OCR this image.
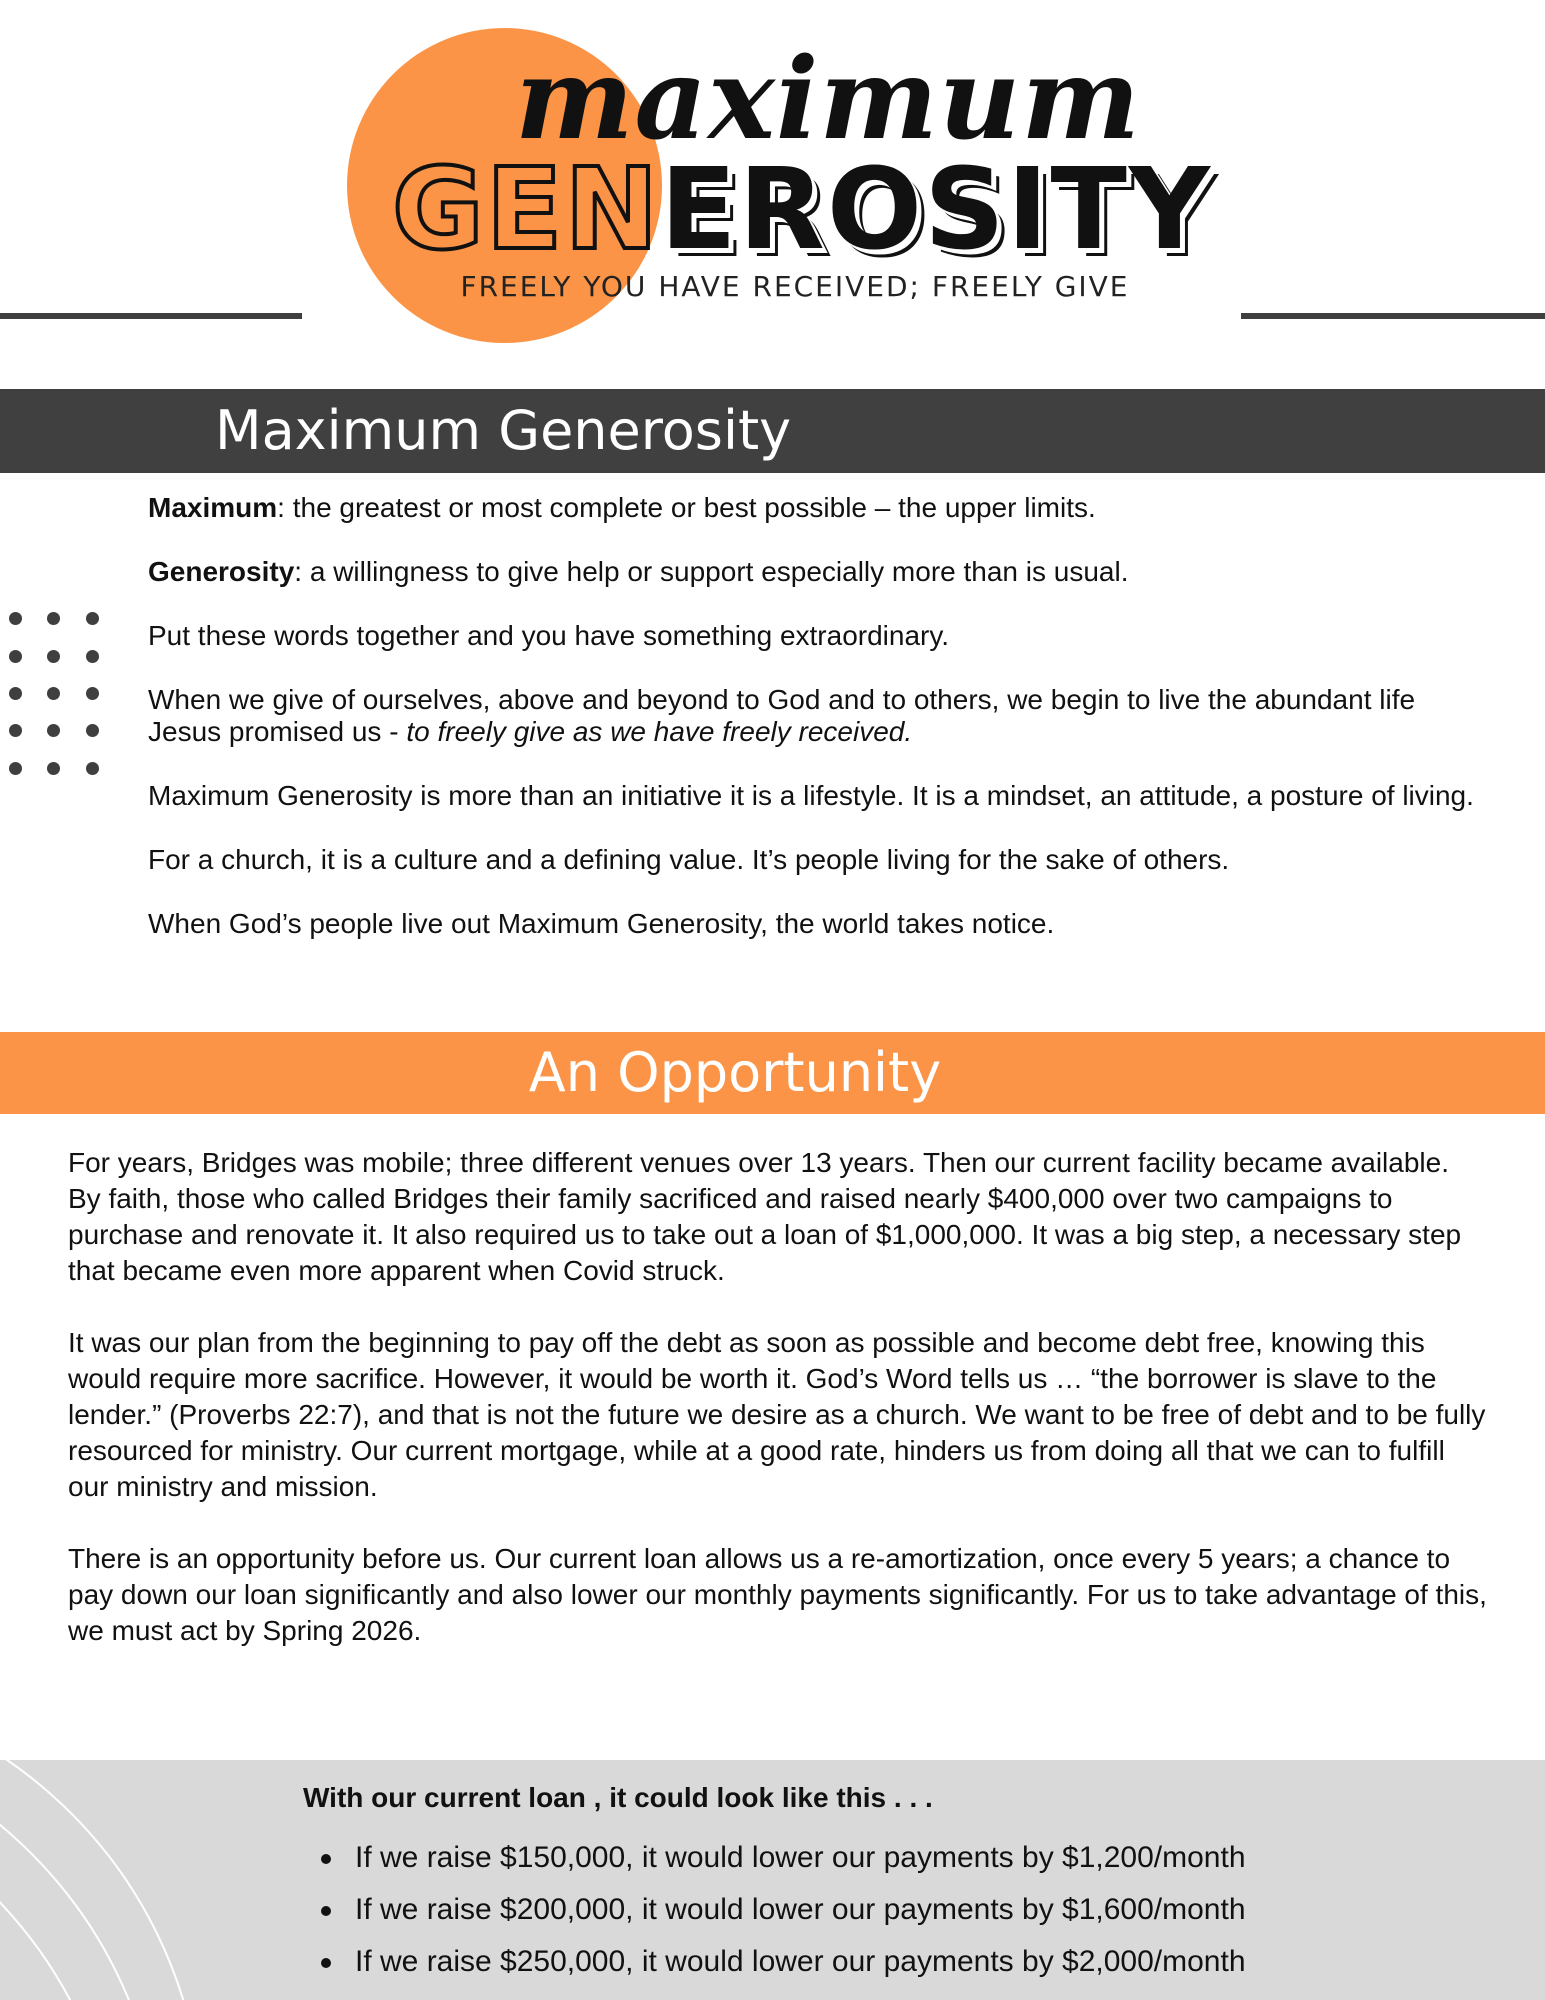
maximum
GENEROSITY
FREELY YOU HAVE RECEIVED; FREELY GIVE
Maximum Generosity

Maximum: the greatest or most complete or best possible – the upper limits.

Generosity: a willingness to give help or support especially more than is usual.

Put these words together and you have something extraordinary.

When we give of ourselves, above and beyond to God and to others, we begin to live the abundant life Jesus promised us - to freely give as we have freely received.

Maximum Generosity is more than an initiative it is a lifestyle. It is a mindset, an attitude, a posture of living.

For a church, it is a culture and a defining value. It’s people living for the sake of others.

When God’s people live out Maximum Generosity, the world takes notice.

An Opportunity

For years, Bridges was mobile; three different venues over 13 years. Then our current facility became available. By faith, those who called Bridges their family sacrificed and raised nearly $400,000 over two campaigns to purchase and renovate it. It also required us to take out a loan of $1,000,000. It was a big step, a necessary step that became even more apparent when Covid struck.

It was our plan from the beginning to pay off the debt as soon as possible and become debt free, knowing this would require more sacrifice. However, it would be worth it. God’s Word tells us … “the borrower is slave to the lender.” (Proverbs 22:7), and that is not the future we desire as a church. We want to be free of debt and to be fully resourced for ministry. Our current mortgage, while at a good rate, hinders us from doing all that we can to fulfill our ministry and mission.

There is an opportunity before us. Our current loan allows us a re-amortization, once every 5 years; a chance to pay down our loan significantly and also lower our monthly payments significantly. For us to take advantage of this, we must act by Spring 2026.

With our current loan , it could look like this . . .
If we raise $150,000, it would lower our payments by $1,200/month
If we raise $200,000, it would lower our payments by $1,600/month
If we raise $250,000, it would lower our payments by $2,000/month
